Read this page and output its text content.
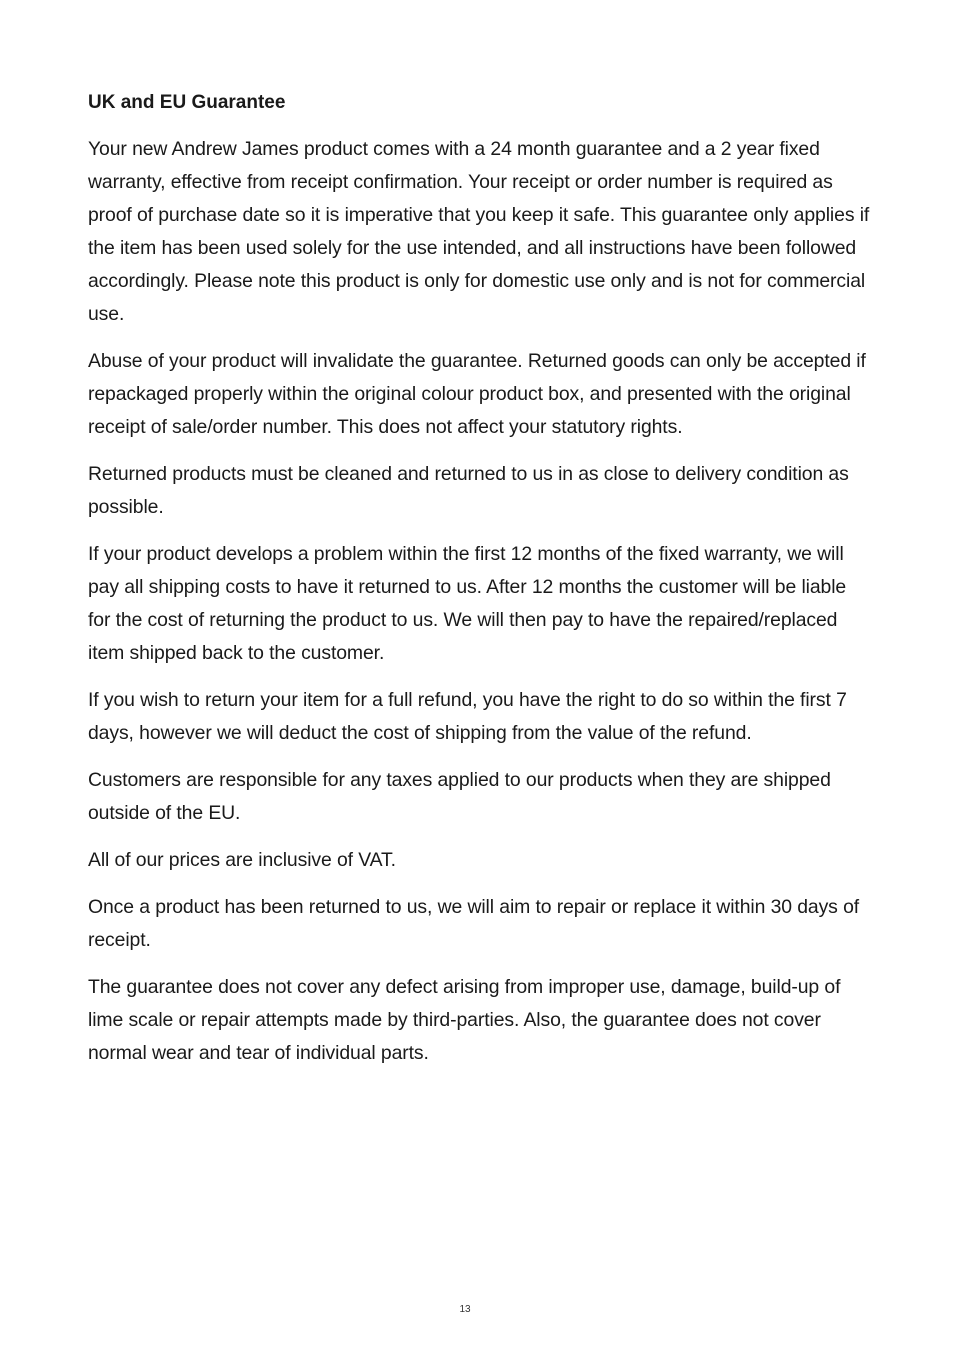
UK and EU Guarantee

Your new Andrew James product comes with a 24 month guarantee and a 2 year fixed warranty, effective from receipt confirmation. Your receipt or order number is required as proof of purchase date so it is imperative that you keep it safe. This guarantee only applies if the item has been used solely for the use intended, and all instructions have been followed accordingly. Please note this product is only for domestic use only and is not for commercial use.

Abuse of your product will invalidate the guarantee. Returned goods can only be accepted if repackaged properly within the original colour product box, and presented with the original receipt of sale/order number. This does not affect your statutory rights.

Returned products must be cleaned and returned to us in as close to delivery condition as possible.

If your product develops a problem within the first 12 months of the fixed warranty, we will pay all shipping costs to have it returned to us. After 12 months the customer will be liable for the cost of returning the product to us. We will then pay to have the repaired/replaced item shipped back to the customer.

If you wish to return your item for a full refund, you have the right to do so within the first 7 days, however we will deduct the cost of shipping from the value of the refund.

Customers are responsible for any taxes applied to our products when they are shipped outside of the EU.

All of our prices are inclusive of VAT.

Once a product has been returned to us, we will aim to repair or replace it within 30 days of receipt.

The guarantee does not cover any defect arising from improper use, damage, build-up of lime scale or repair attempts made by third-parties. Also, the guarantee does not cover normal wear and tear of individual parts.

13
